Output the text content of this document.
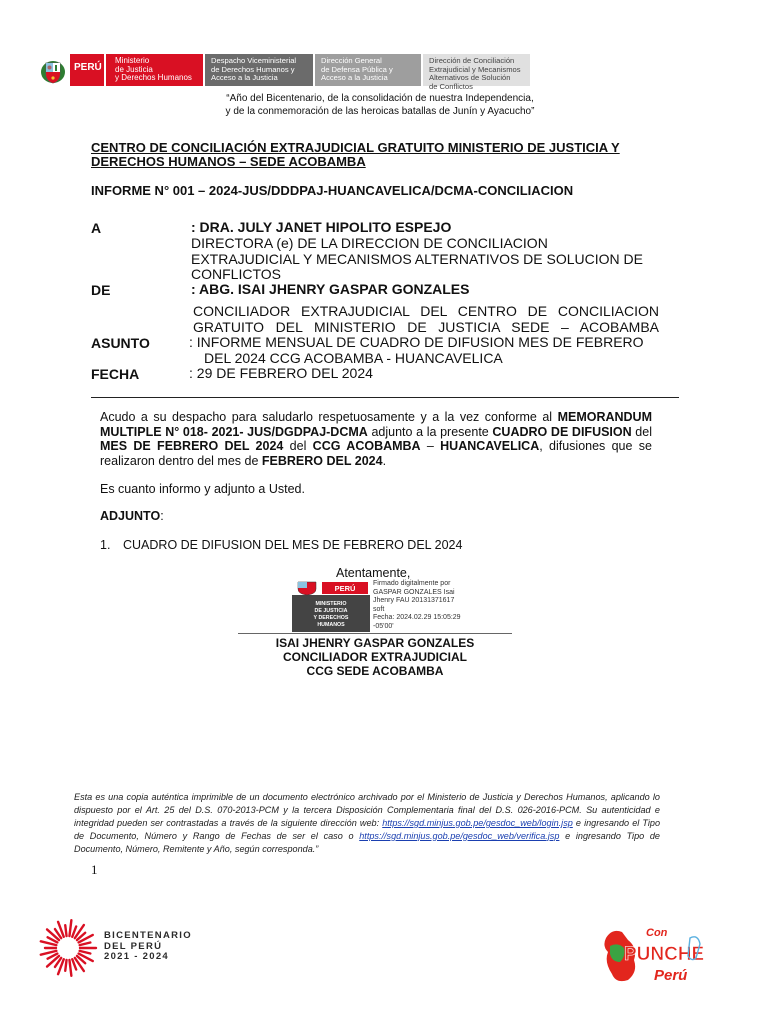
PERÚ
Ministerio
de Justicia
y Derechos Humanos
Despacho Viceministerial
de Derechos Humanos y
Acceso a la Justicia
Dirección General
de Defensa Pública y
Acceso a la Justicia
Dirección de Conciliación
Extrajudicial y Mecanismos
Alternativos de Solución
de Conflictos
“Año del Bicentenario, de la consolidación de nuestra Independencia,
y de la conmemoración de las heroicas batallas de Junín y Ayacucho”
CENTRO DE CONCILIACIÓN EXTRAJUDICIAL GRATUITO MINISTERIO DE JUSTICIA Y
DERECHOS HUMANOS – SEDE ACOBAMBA
INFORME N° 001 – 2024-JUS/DDDPAJ-HUANCAVELICA/DCMA-CONCILIACION
A	: DRA. JULY JANET HIPOLITO ESPEJO
DIRECTORA (e) DE LA DIRECCION DE CONCILIACION EXTRAJUDICIAL Y MECANISMOS ALTERNATIVOS DE SOLUCION DE CONFLICTOS
DE	: ABG. ISAI JHENRY GASPAR GONZALES
CONCILIADOR EXTRAJUDICIAL DEL CENTRO DE CONCILIACION
GRATUITO DEL MINISTERIO DE JUSTICIA SEDE – ACOBAMBA
ASUNTO	: INFORME MENSUAL DE CUADRO DE DIFUSION MES DE FEBRERO
DEL 2024 CCG ACOBAMBA - HUANCAVELICA
FECHA	: 29 DE FEBRERO DEL 2024
Acudo a su despacho para saludarlo respetuosamente y a la vez conforme al MEMORANDUM MULTIPLE N° 018- 2021- JUS/DGDPAJ-DCMA adjunto a la presente CUADRO DE DIFUSION del MES DE FEBRERO DEL 2024 del CCG ACOBAMBA – HUANCAVELICA, difusiones que se realizaron dentro del mes de FEBRERO DEL 2024.
Es cuanto informo y adjunto a Usted.
ADJUNTO:
1. CUADRO DE DIFUSION DEL MES DE FEBRERO DEL 2024
Atentamente,
PERÚ
MINISTERIO
DE JUSTICIA
Y DERECHOS
HUMANOS
Firmado digitalmente por
GASPAR GONZALES Isai
Jhenry FAU 20131371617
soft
Fecha: 2024.02.29 15:05:29
-05'00'
ISAI JHENRY GASPAR GONZALES
CONCILIADOR EXTRAJUDICIAL
CCG SEDE ACOBAMBA
Esta es una copia auténtica imprimible de un documento electrónico archivado por el Ministerio de Justicia y Derechos Humanos, aplicando lo dispuesto por el Art. 25 del D.S. 070-2013-PCM y la tercera Disposición Complementaria final del D.S. 026-2016-PCM. Su autenticidad e integridad pueden ser contrastadas a través de la siguiente dirección web: https://sgd.minjus.gob.pe/gesdoc_web/login.jsp e ingresando el Tipo de Documento, Número y Rango de Fechas de ser el caso o https://sgd.minjus.gob.pe/gesdoc_web/verifica.jsp e ingresando Tipo de Documento, Número, Remitente y Año, según corresponda.”
1
BICENTENARIO
DEL PERÚ
2021 - 2024
Con
PUNCHE
Perú
